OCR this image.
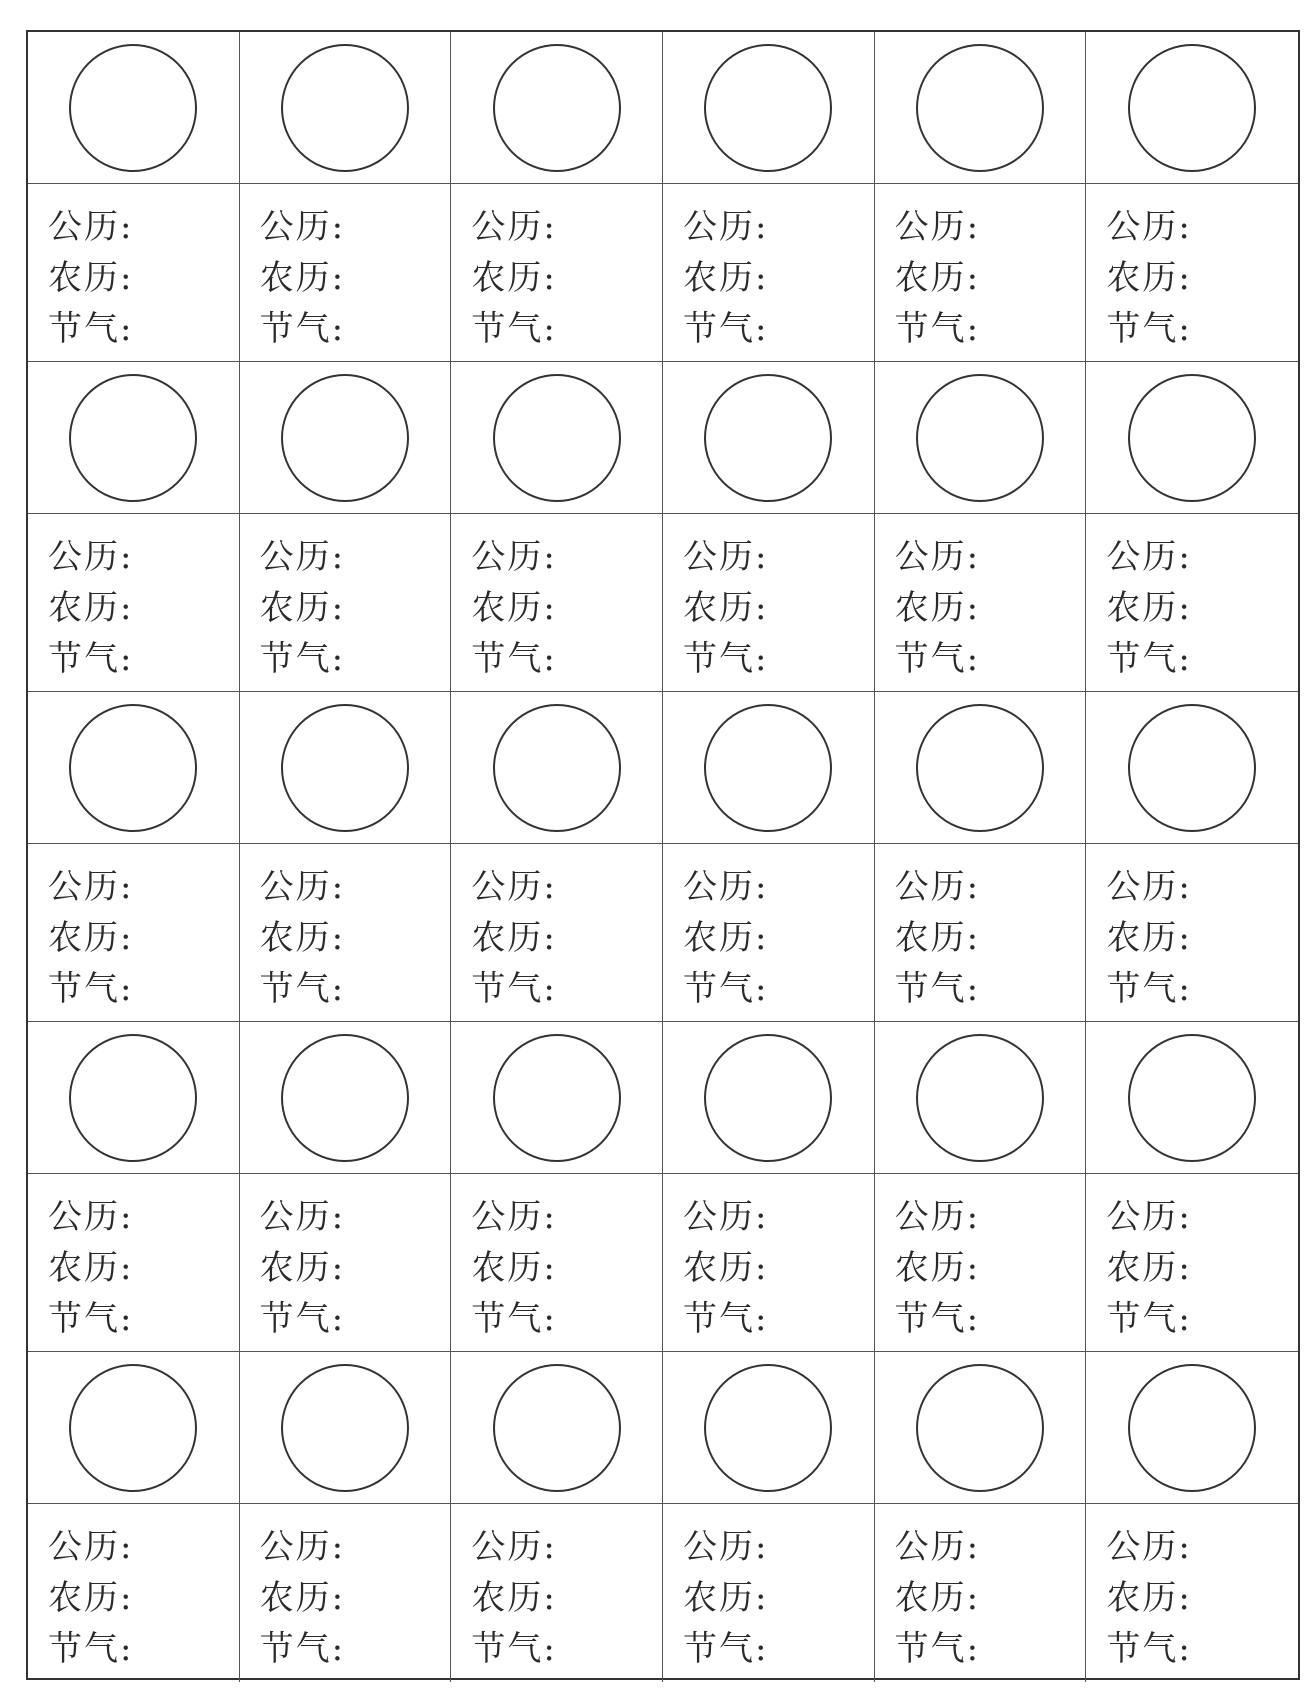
公历:
农历:
节气:
公历:
农历:
节气:
公历:
农历:
节气:
公历:
农历:
节气:
公历:
农历:
节气:
公历:
农历:
节气:
公历:
农历:
节气:
公历:
农历:
节气:
公历:
农历:
节气:
公历:
农历:
节气:
公历:
农历:
节气:
公历:
农历:
节气:
公历:
农历:
节气:
公历:
农历:
节气:
公历:
农历:
节气:
公历:
农历:
节气:
公历:
农历:
节气:
公历:
农历:
节气:
公历:
农历:
节气:
公历:
农历:
节气:
公历:
农历:
节气:
公历:
农历:
节气:
公历:
农历:
节气:
公历:
农历:
节气:
公历:
农历:
节气:
公历:
农历:
节气:
公历:
农历:
节气:
公历:
农历:
节气:
公历:
农历:
节气:
公历:
农历:
节气:
